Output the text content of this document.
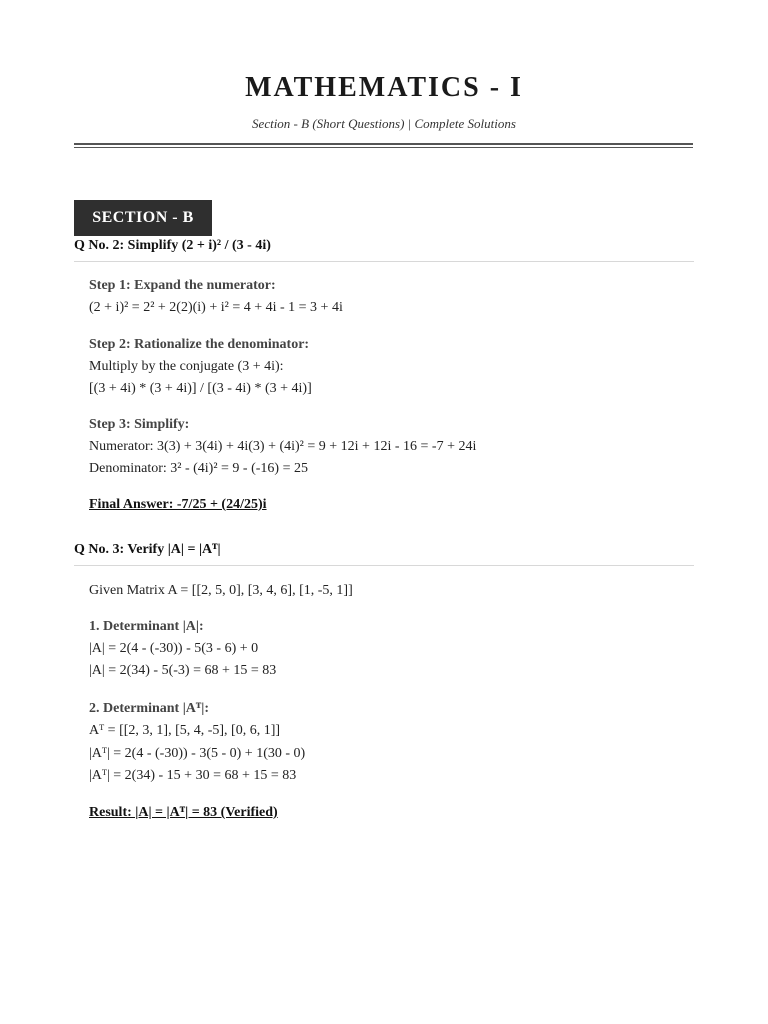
MATHEMATICS - I
Section - B (Short Questions) | Complete Solutions
SECTION - B
Q No. 2: Simplify (2 + i)² / (3 - 4i)
Step 1: Expand the numerator:
(2 + i)² = 2² + 2(2)(i) + i² = 4 + 4i - 1 = 3 + 4i
Step 2: Rationalize the denominator:
Multiply by the conjugate (3 + 4i):
[(3 + 4i) * (3 + 4i)] / [(3 - 4i) * (3 + 4i)]
Step 3: Simplify:
Numerator: 3(3) + 3(4i) + 4i(3) + (4i)² = 9 + 12i + 12i - 16 = -7 + 24i
Denominator: 3² - (4i)² = 9 - (-16) = 25
Final Answer: -7/25 + (24/25)i
Q No. 3: Verify |A| = |Aᵀ|
Given Matrix A = [[2, 5, 0], [3, 4, 6], [1, -5, 1]]
1. Determinant |A|:
|A| = 2(4 - (-30)) - 5(3 - 6) + 0
|A| = 2(34) - 5(-3) = 68 + 15 = 83
2. Determinant |Aᵀ|:
Aᵀ = [[2, 3, 1], [5, 4, -5], [0, 6, 1]]
|Aᵀ| = 2(4 - (-30)) - 3(5 - 0) + 1(30 - 0)
|Aᵀ| = 2(34) - 15 + 30 = 68 + 15 = 83
Result: |A| = |Aᵀ| = 83 (Verified)
